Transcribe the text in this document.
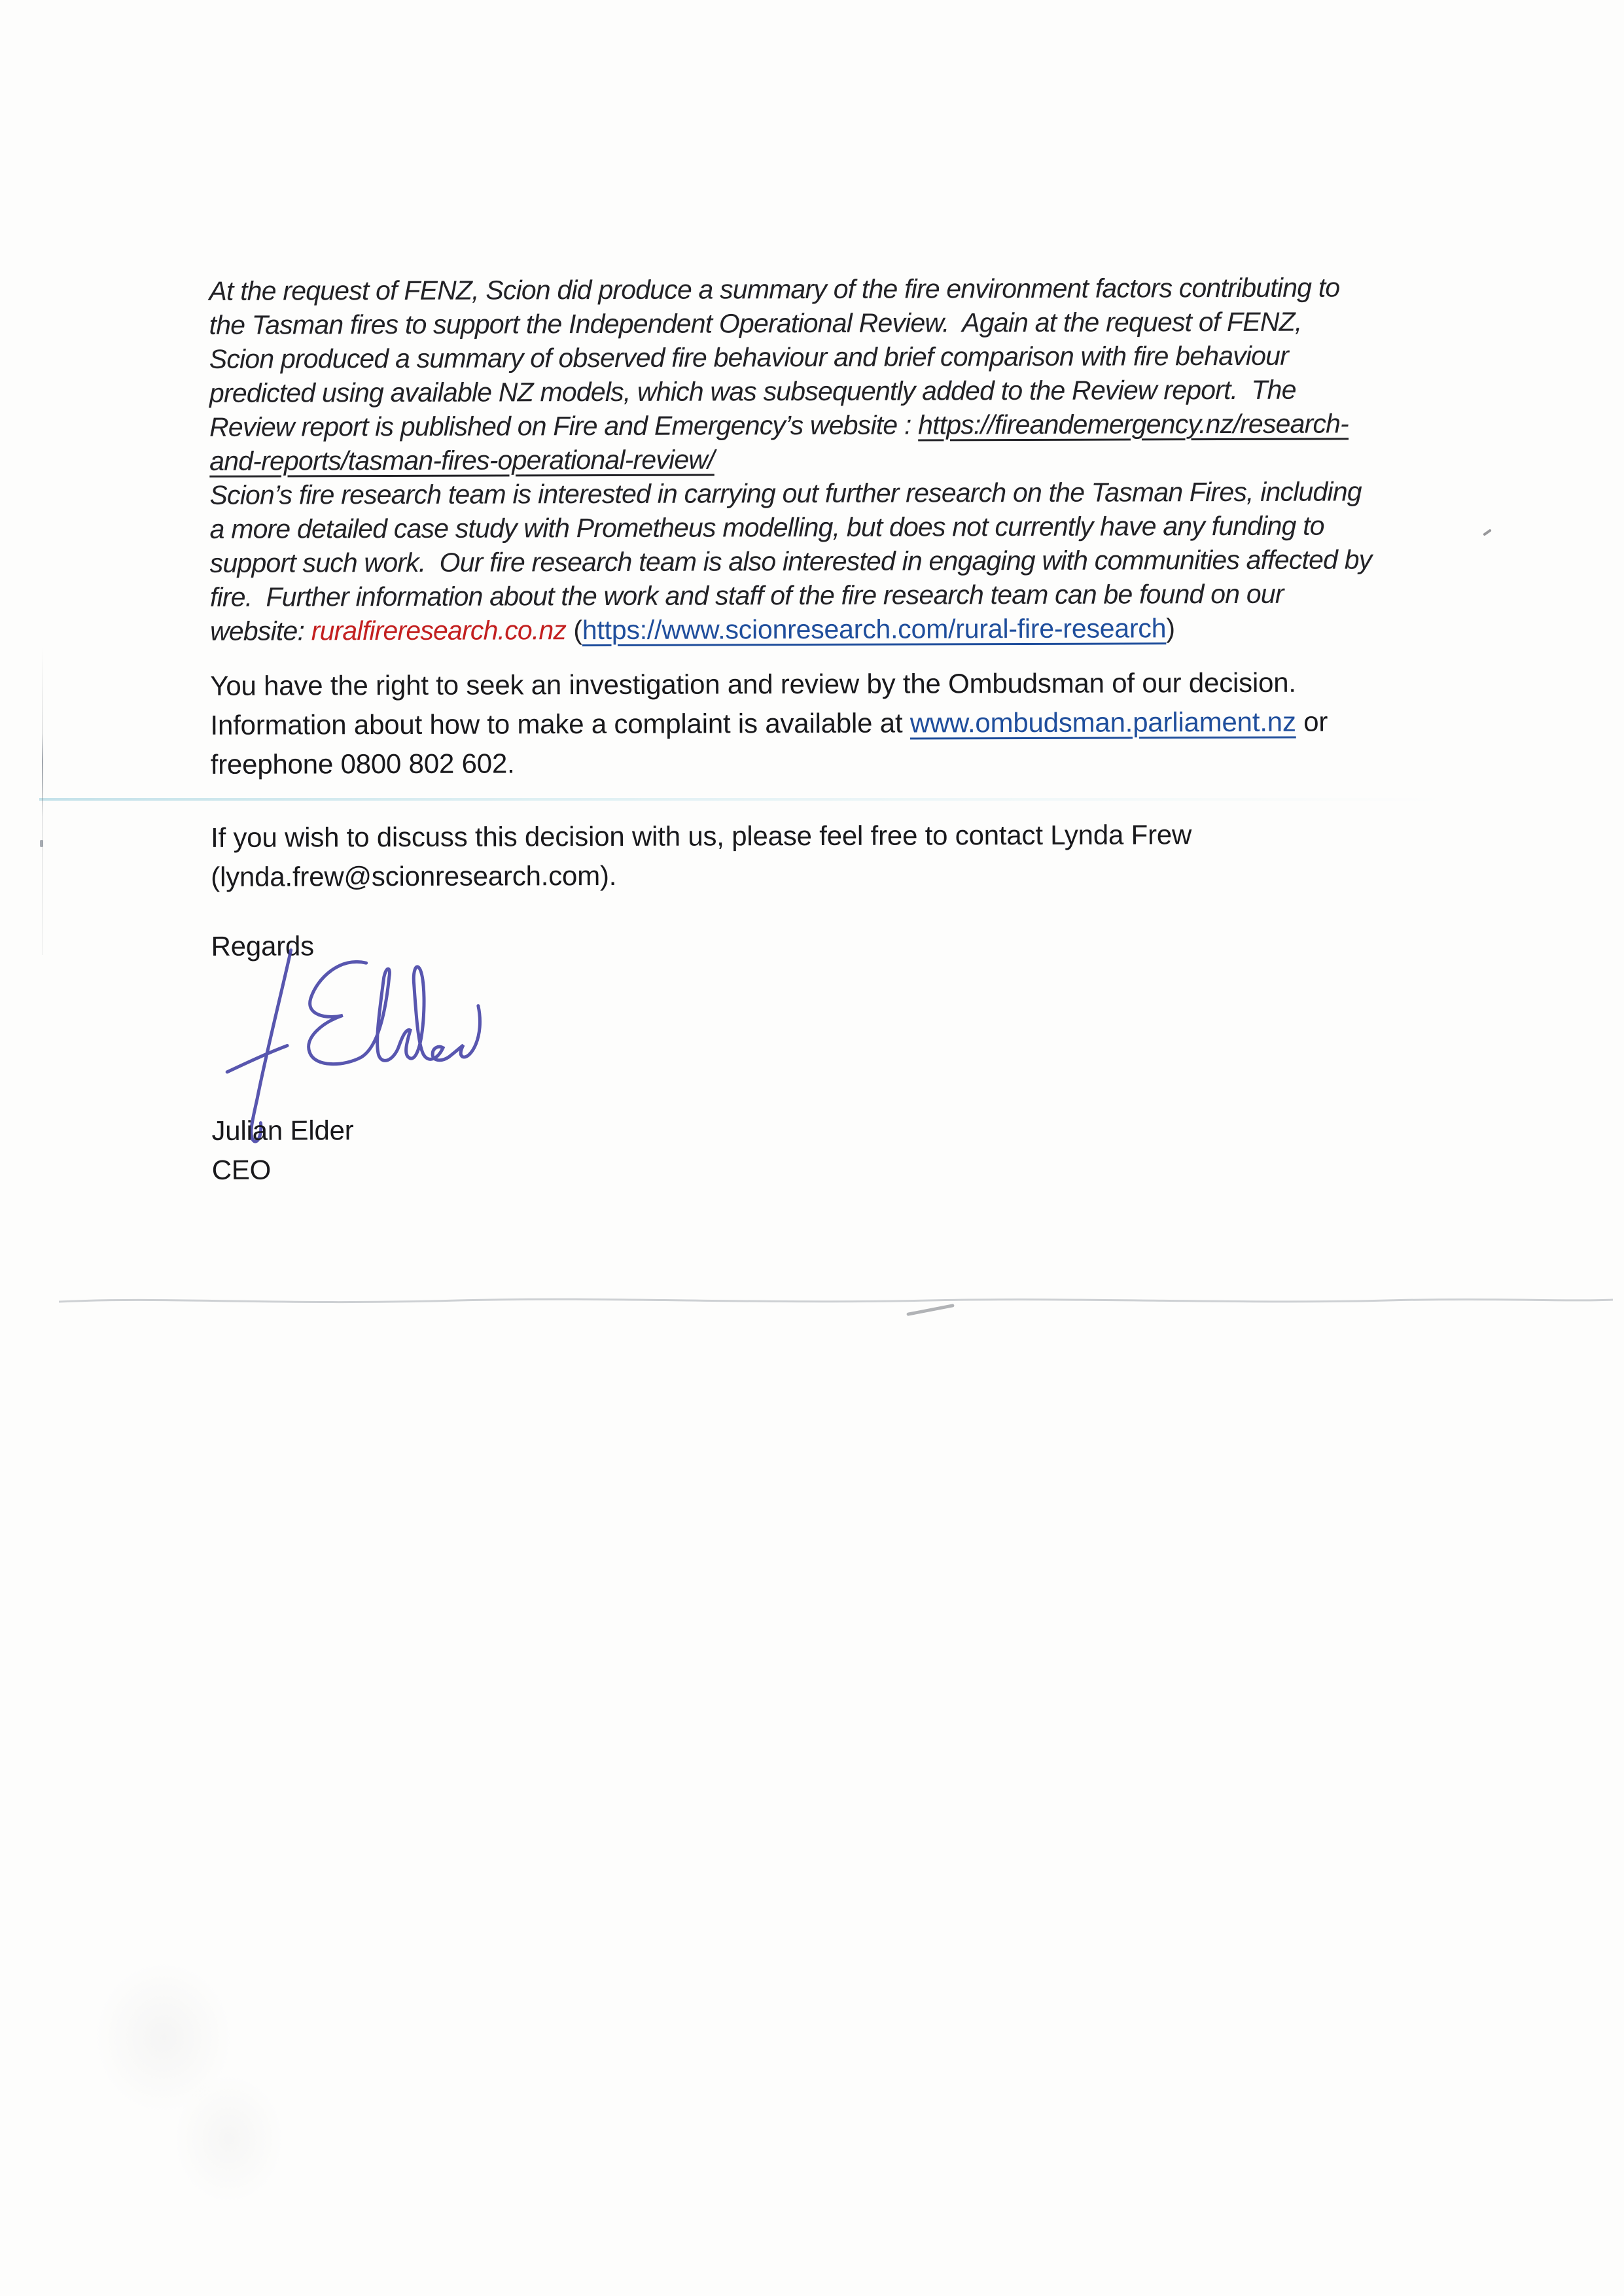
At the request of FENZ, Scion did produce a summary of the fire environment factors contributing to
the Tasman fires to support the Independent Operational Review.  Again at the request of FENZ,
Scion produced a summary of observed fire behaviour and brief comparison with fire behaviour
predicted using available NZ models, which was subsequently added to the Review report.  The
Review report is published on Fire and Emergency’s website : https://fireandemergency.nz/research-
and-reports/tasman-fires-operational-review/
Scion’s fire research team is interested in carrying out further research on the Tasman Fires, including
a more detailed case study with Prometheus modelling, but does not currently have any funding to
support such work.  Our fire research team is also interested in engaging with communities affected by
fire.  Further information about the work and staff of the fire research team can be found on our
website: ruralfireresearch.co.nz (https://www.scionresearch.com/rural-fire-research)
You have the right to seek an investigation and review by the Ombudsman of our decision.
Information about how to make a complaint is available at www.ombudsman.parliament.nz or
freephone 0800 802 602.
If you wish to discuss this decision with us, please feel free to contact Lynda Frew
(lynda.frew@scionresearch.com).
Regards
Julian Elder
CEO
